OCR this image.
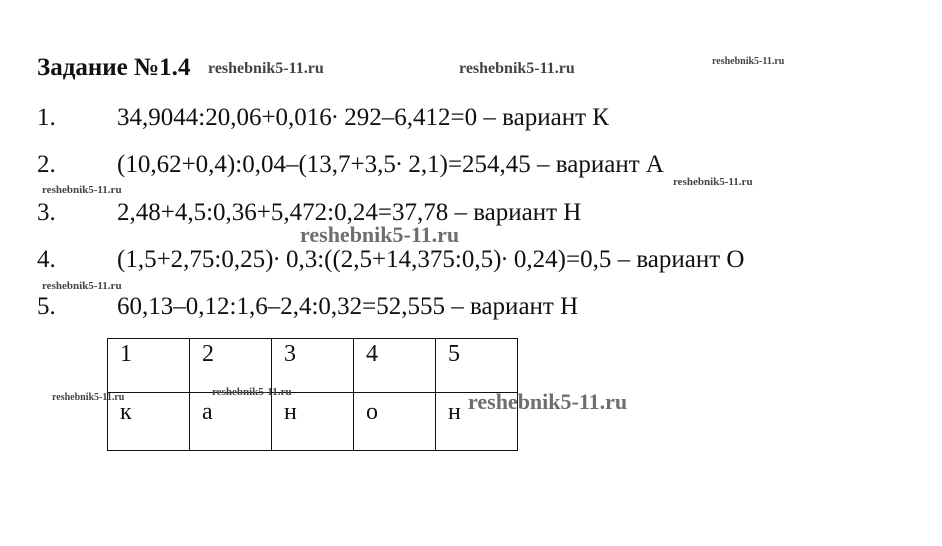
Задание №1.4
1. 34,9044:20,06+0,016∙ 292–6,412=0 – вариант К
2. (10,62+0,4):0,04–(13,7+3,5∙ 2,1)=254,45 – вариант А
3. 2,48+4,5:0,36+5,472:0,24=37,78 – вариант Н
4. (1,5+2,75:0,25)∙ 0,3:((2,5+14,375:0,5)∙ 0,24)=0,5 – вариант О
5. 60,13–0,12:1,6–2,4:0,32=52,555 – вариант Н
1	2	3	4	5
к	а	н	о	н
reshebnik5-11.ru	reshebnik5-11.ru	reshebnik5-11.ru
reshebnik5-11.ru
reshebnik5-11.ru
reshebnik5-11.ru
reshebnik5-11.ru
reshebnik5-11.ru	reshebnik5-11.ru	reshebnik5-11.ru
